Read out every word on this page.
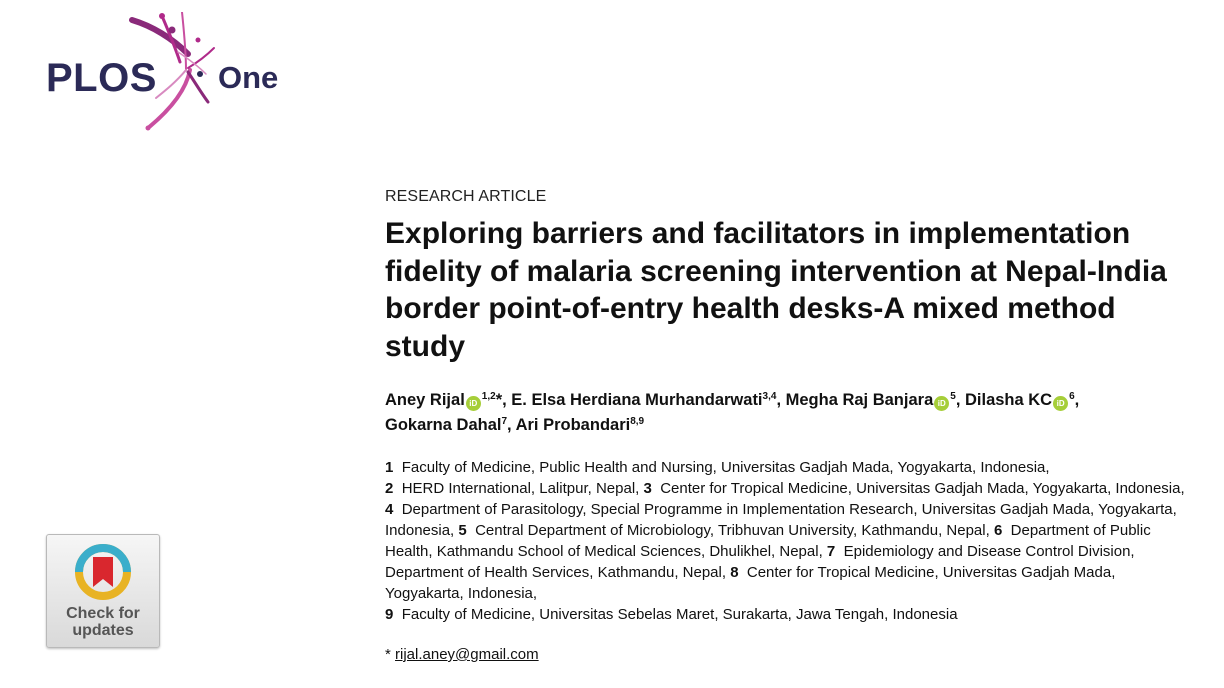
PLOS One
Check for
updates
RESEARCH ARTICLE
Exploring barriers and facilitators in implementation fidelity of malaria screening intervention at Nepal-India border point-of-entry health desks-A mixed method study
Aney Rijal iD$^{1,2}$*, E. Elsa Herdiana Murhandarwati$^{3,4}$, Megha Raj Banjara $iD^5$, Dilasha KC $iD^6$,
Gokarna Dahal$^7$, Ari Probandari$^{8,9}$
1 Faculty of Medicine, Public Health and Nursing, Universitas Gadjah Mada, Yogyakarta, Indonesia,
2 HERD International, Lalitpur, Nepal, 3 Center for Tropical Medicine, Universitas Gadjah Mada, Yogyakarta, Indonesia, 4 Department of Parasitology, Special Programme in Implementation Research, Universitas Gadjah Mada, Yogyakarta, Indonesia, 5 Central Department of Microbiology, Tribhuvan University, Kathmandu, Nepal, 6 Department of Public Health, Kathmandu School of Medical Sciences, Dhulikhel, Nepal, 7 Epidemiology and Disease Control Division, Department of Health Services, Kathmandu, Nepal, 8 Center for Tropical Medicine, Universitas Gadjah Mada, Yogyakarta, Indonesia,
9 Faculty of Medicine, Universitas Sebelas Maret, Surakarta, Jawa Tengah, Indonesia
* rijal.aney@gmail.com
